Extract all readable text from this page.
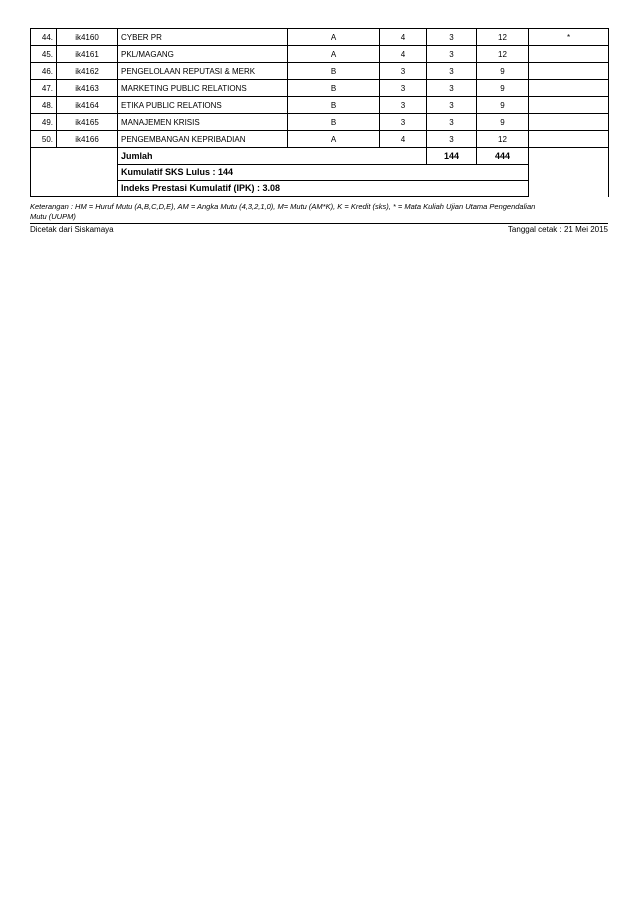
44.	ik4160	CYBER PR	A	4	3	12	*
45.	ik4161	PKL/MAGANG	A	4	3	12	
46.	ik4162	PENGELOLAAN REPUTASI & MERK	B	3	3	9	
47.	ik4163	MARKETING PUBLIC RELATIONS	B	3	3	9	
48.	ik4164	ETIKA PUBLIC RELATIONS	B	3	3	9	
49.	ik4165	MANAJEMEN KRISIS	B	3	3	9	
50.	ik4166	PENGEMBANGAN KEPRIBADIAN	A	4	3	12	
		Jumlah			144	444	
		Kumulatif SKS Lulus : 144					
		Indeks Prestasi Kumulatif (IPK) : 3.08					
Keterangan : HM = Huruf Mutu (A,B,C,D,E), AM = Angka Mutu (4,3,2,1,0), M= Mutu (AM*K), K = Kredit (sks), * = Mata Kuliah Ujian Utama Pengendalian Mutu (UUPM)
Dicetak dari Siskamaya	Tanggal cetak : 21 Mei 2015
